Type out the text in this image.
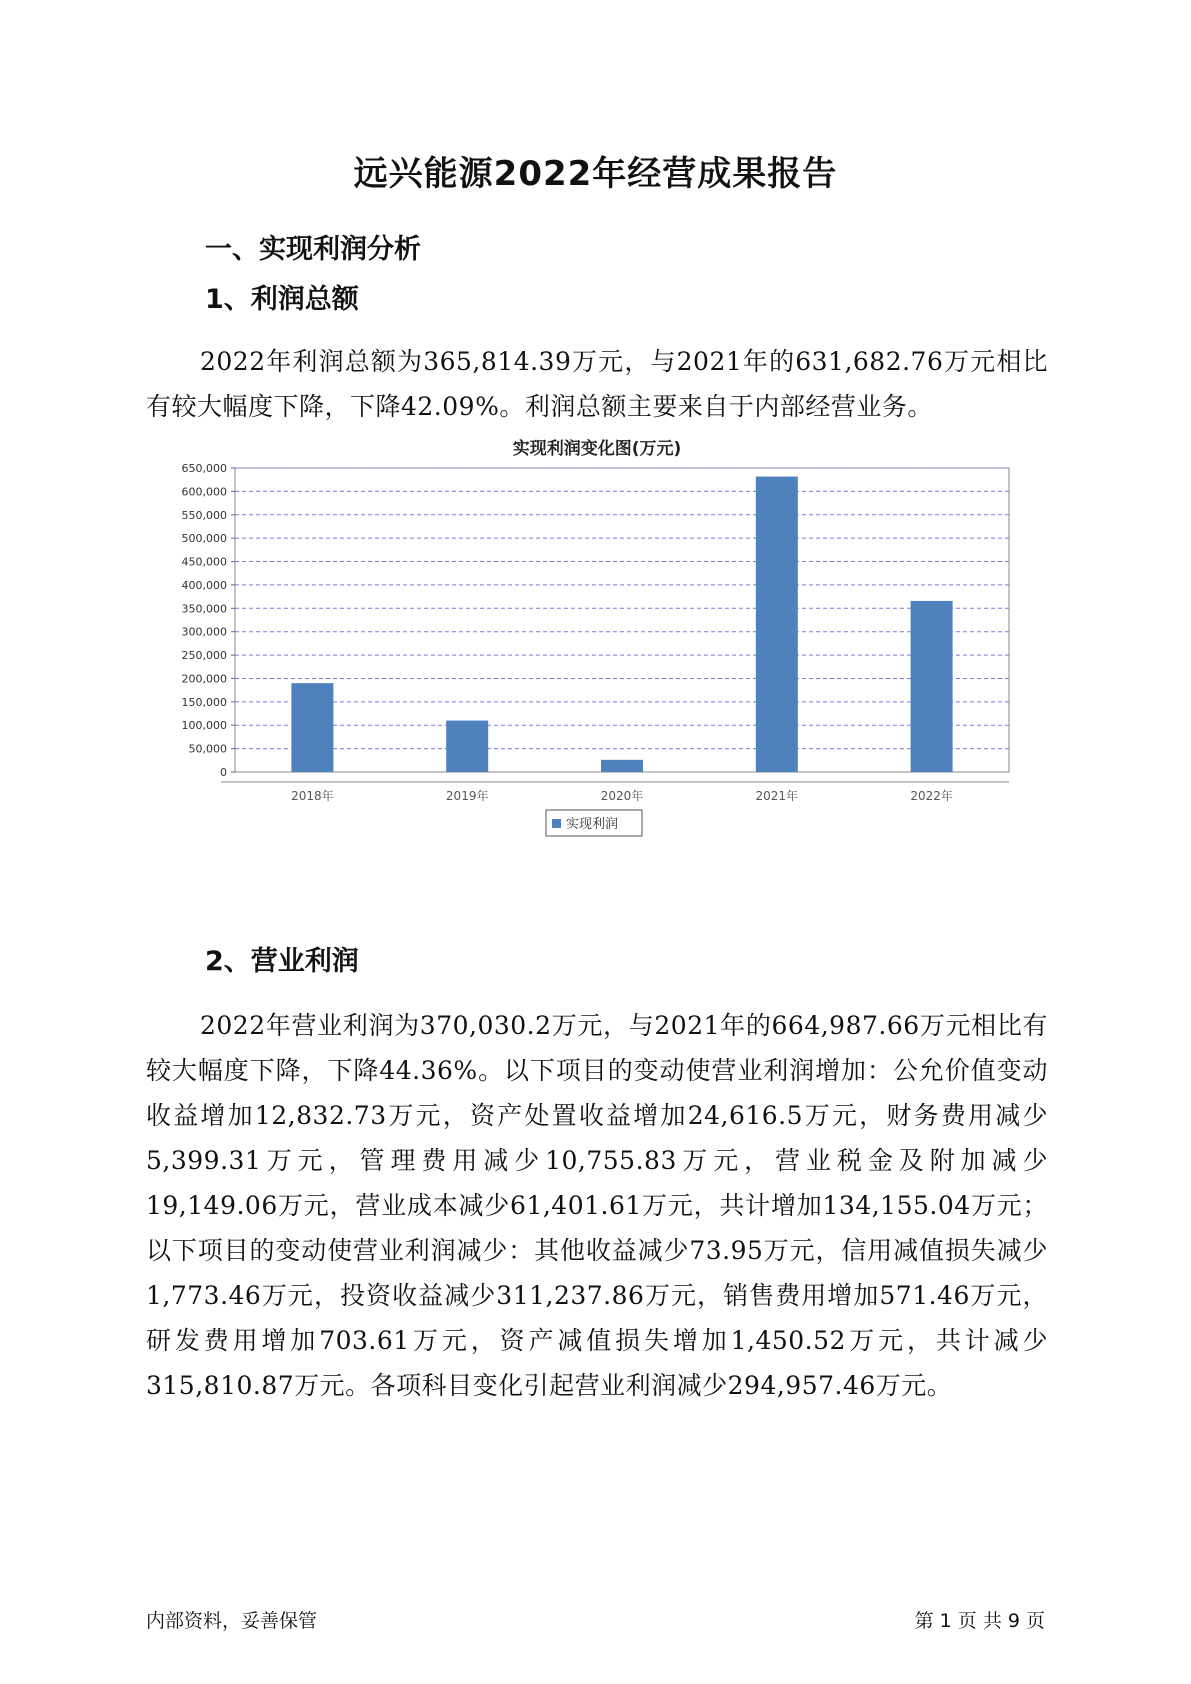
远兴能源2022年经营成果报告
一、实现利润分析
1、利润总额
2022年利润总额为365,814.39万元，与2021年的631,682.76万元相比有较大幅度下降，下降42.09%。利润总额主要来自于内部经营业务。
实现利润变化图(万元)
0
50,000
100,000
150,000
200,000
250,000
300,000
350,000
400,000
450,000
500,000
550,000
600,000
650,000
2018年	2019年	2020年	2021年	2022年
实现利润
2、营业利润
2022年营业利润为370,030.2万元，与2021年的664,987.66万元相比有较大幅度下降，下降44.36%。以下项目的变动使营业利润增加：公允价值变动收益增加12,832.73万元，资产处置收益增加24,616.5万元，财务费用减少5,399.31万元，管理费用减少10,755.83万元，营业税金及附加减少19,149.06万元，营业成本减少61,401.61万元，共计增加134,155.04万元；以下项目的变动使营业利润减少：其他收益减少73.95万元，信用减值损失减少1,773.46万元，投资收益减少311,237.86万元，销售费用增加571.46万元，研发费用增加703.61万元，资产减值损失增加1,450.52万元，共计减少315,810.87万元。各项科目变化引起营业利润减少294,957.46万元。
内部资料，妥善保管	第 1 页 共 9 页
